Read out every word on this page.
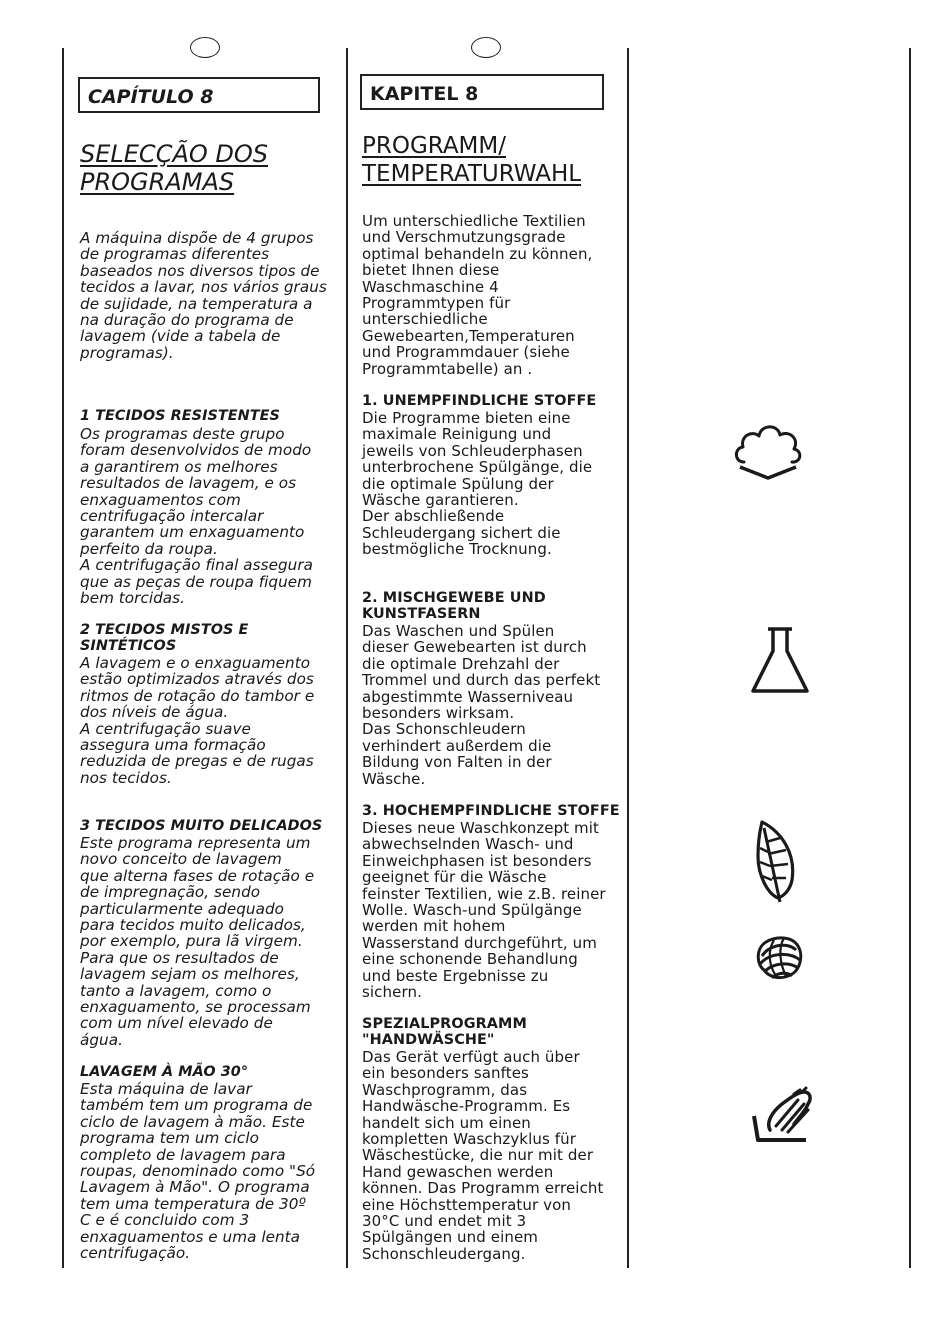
CAPÍTULO 8
SELECÇÃO DOS
PROGRAMAS
A máquina dispõe de 4 grupos
de programas diferentes
baseados nos diversos tipos de
tecidos a lavar, nos vários graus
de sujidade, na temperatura a
na duração do programa de
lavagem (vide a tabela de
programas).
1 TECIDOS RESISTENTES
Os programas deste grupo
foram desenvolvidos de modo
a garantirem os melhores
resultados de lavagem, e os
enxaguamentos com
centrifugação intercalar
garantem um enxaguamento
perfeito da roupa.
A centrifugação final assegura
que as peças de roupa fiquem
bem torcidas.
2 TECIDOS MISTOS E SINTÉTICOS
A lavagem e o enxaguamento
estão optimizados através dos
ritmos de rotação do tambor e
dos níveis de água.
A centrifugação suave
assegura uma formação
reduzida de pregas e de rugas
nos tecidos.
3 TECIDOS MUITO DELICADOS
Este programa representa um
novo conceito de lavagem
que alterna fases de rotação e
de impregnação, sendo
particularmente adequado
para tecidos muito delicados,
por exemplo, pura lã virgem.
Para que os resultados de
lavagem sejam os melhores,
tanto a lavagem, como o
enxaguamento, se processam
com um nível elevado de
água.
LAVAGEM À MÃO 30°
Esta máquina de lavar
também tem um programa de
ciclo de lavagem à mão. Este
programa tem um ciclo
completo de lavagem para
roupas, denominado como "Só
Lavagem à Mão". O programa
tem uma temperatura de 30º
C e é concluido com 3
enxaguamentos e uma lenta
centrifugação.
KAPITEL 8
PROGRAMM/
TEMPERATURWAHL
Um unterschiedliche Textilien
und Verschmutzungsgrade
optimal behandeln zu können,
bietet Ihnen diese
Waschmaschine 4
Programmtypen für
unterschiedliche
Gewebearten,Temperaturen
und Programmdauer (siehe
Programmtabelle) an .
1. UNEMPFINDLICHE STOFFE
Die Programme bieten eine
maximale Reinigung und
jeweils von Schleuderphasen
unterbrochene Spülgänge, die
die optimale Spülung der
Wäsche garantieren.
Der abschließende
Schleudergang sichert die
bestmögliche Trocknung.
2. MISCHGEWEBE UND
KUNSTFASERN
Das Waschen und Spülen
dieser Gewebearten ist durch
die optimale Drehzahl der
Trommel und durch das perfekt
abgestimmte Wasserniveau
besonders wirksam.
Das Schonschleudern
verhindert außerdem die
Bildung von Falten in der
Wäsche.
3. HOCHEMPFINDLICHE STOFFE
Dieses neue Waschkonzept mit
abwechselnden Wasch- und
Einweichphasen ist besonders
geeignet für die Wäsche
feinster Textilien, wie z.B. reiner
Wolle. Wasch-und Spülgänge
werden mit hohem
Wasserstand durchgeführt, um
eine schonende Behandlung
und beste Ergebnisse zu
sichern.
SPEZIALPROGRAMM
"HANDWÄSCHE"
Das Gerät verfügt auch über
ein besonders sanftes
Waschprogramm, das
Handwäsche-Programm. Es
handelt sich um einen
kompletten Waschzyklus für
Wäschestücke, die nur mit der
Hand gewaschen werden
können. Das Programm erreicht
eine Höchsttemperatur von
30°C und endet mit 3
Spülgängen und einem
Schonschleudergang.
